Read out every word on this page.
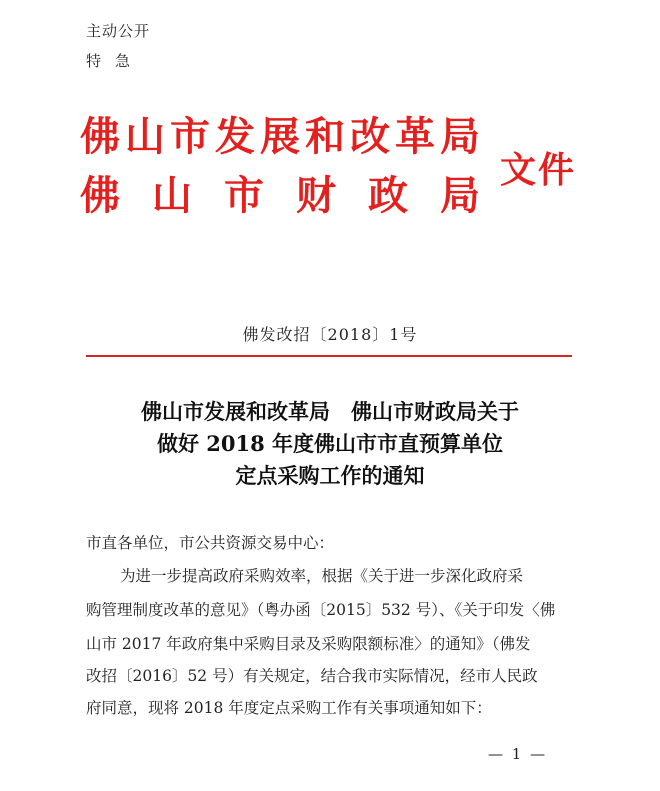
主动公开
特急
佛 山 市 发 展 和 改 革 局
佛 山 市 财 政 局
文件
佛发改招〔2018〕1号
佛山市发展和改革局　佛山市财政局关于
做好 2018 年度佛山市市直预算单位
定点采购工作的通知
市直各单位，市公共资源交易中心：
为进一步提高政府采购效率，根据《关于进一步深化政府采
购管理制度改革的意见》（粤办函〔2015〕532 号）、《关于印发〈佛
山市 2017 年政府集中采购目录及采购限额标准〉的通知》（佛发
改招〔2016〕52 号）有关规定，结合我市实际情况，经市人民政
府同意，现将 2018 年度定点采购工作有关事项通知如下：
— 1 —
